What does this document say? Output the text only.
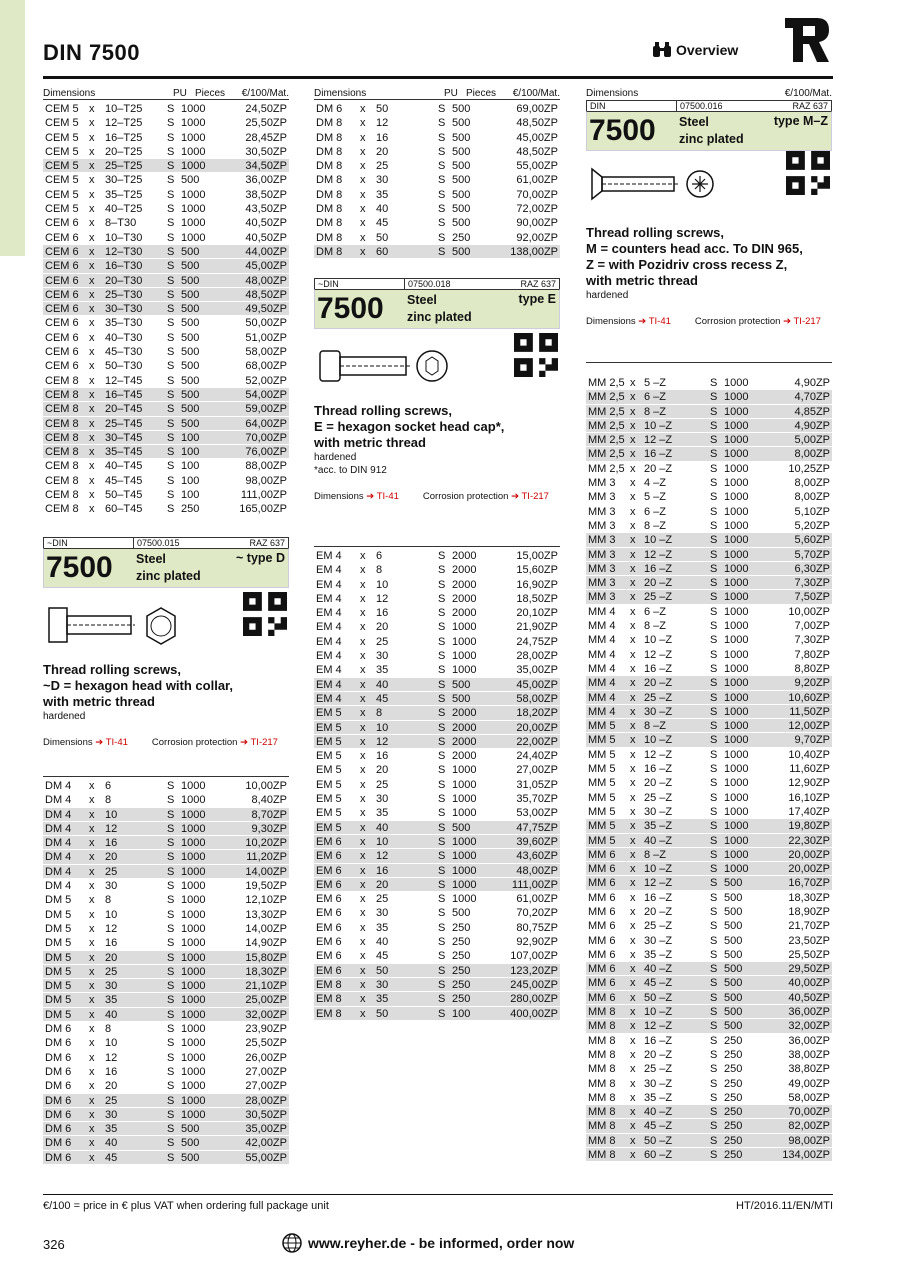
DIN 7500	Overview
Dimensions	PU Pieces	€/100/Mat.
CEM 5 x 10–T25	S 1000	24,50ZP
CEM 5 x 12–T25	S 1000	25,50ZP
CEM 5 x 16–T25	S 1000	28,45ZP
CEM 5 x 20–T25	S 1000	30,50ZP
CEM 5 x 25–T25	S 1000	34,50ZP
CEM 5 x 30–T25	S 500	36,00ZP
CEM 5 x 35–T25	S 1000	38,50ZP
CEM 5 x 40–T25	S 1000	43,50ZP
CEM 6 x 8–T30	S 1000	40,50ZP
CEM 6 x 10–T30	S 1000	40,50ZP
CEM 6 x 12–T30	S 500	44,00ZP
CEM 6 x 16–T30	S 500	45,00ZP
CEM 6 x 20–T30	S 500	48,00ZP
CEM 6 x 25–T30	S 500	48,50ZP
CEM 6 x 30–T30	S 500	49,50ZP
CEM 6 x 35–T30	S 500	50,00ZP
CEM 6 x 40–T30	S 500	51,00ZP
CEM 6 x 45–T30	S 500	58,00ZP
CEM 6 x 50–T30	S 500	68,00ZP
CEM 8 x 12–T45	S 500	52,00ZP
CEM 8 x 16–T45	S 500	54,00ZP
CEM 8 x 20–T45	S 500	59,00ZP
CEM 8 x 25–T45	S 500	64,00ZP
CEM 8 x 30–T45	S 100	70,00ZP
CEM 8 x 35–T45	S 100	76,00ZP
CEM 8 x 40–T45	S 100	88,00ZP
CEM 8 x 45–T45	S 100	98,00ZP
CEM 8 x 50–T45	S 100	111,00ZP
CEM 8 x 60–T45	S 250	165,00ZP
~DIN	07500.015	RAZ 637
7500	Steel
zinc plated
~ type D
Thread rolling screws,
~D = hexagon head with collar,
with metric thread
hardened
Dimensions ➔ TI-41	Corrosion protection ➔ TI-217
DM 4	x 6	S 1000	10,00ZP
DM 4	x 8	S 1000	8,40ZP
DM 4	x 10	S 1000	8,70ZP
DM 4	x 12	S 1000	9,30ZP
DM 4	x 16	S 1000	10,20ZP
DM 4	x 20	S 1000	11,20ZP
DM 4	x 25	S 1000	14,00ZP
DM 4	x 30	S 1000	19,50ZP
DM 5	x 8	S 1000	12,10ZP
DM 5	x 10	S 1000	13,30ZP
DM 5	x 12	S 1000	14,00ZP
DM 5	x 16	S 1000	14,90ZP
DM 5	x 20	S 1000	15,80ZP
DM 5	x 25	S 1000	18,30ZP
DM 5	x 30	S 1000	21,10ZP
DM 5	x 35	S 1000	25,00ZP
DM 5	x 40	S 1000	32,00ZP
DM 6	x 8	S 1000	23,90ZP
DM 6	x 10	S 1000	25,50ZP
DM 6	x 12	S 1000	26,00ZP
DM 6	x 16	S 1000	27,00ZP
DM 6	x 20	S 1000	27,00ZP
DM 6	x 25	S 1000	28,00ZP
DM 6	x 30	S 1000	30,50ZP
DM 6	x 35	S 500	35,00ZP
DM 6	x 40	S 500	42,00ZP
DM 6	x 45	S 500	55,00ZP
Dimensions	PU Pieces	€/100/Mat.
DM 6	x 50	S 500	69,00ZP
DM 8	x 12	S 500	48,50ZP
DM 8	x 16	S 500	45,00ZP
DM 8	x 20	S 500	48,50ZP
DM 8	x 25	S 500	55,00ZP
DM 8	x 30	S 500	61,00ZP
DM 8	x 35	S 500	70,00ZP
DM 8	x 40	S 500	72,00ZP
DM 8	x 45	S 500	90,00ZP
DM 8	x 50	S 250	92,00ZP
DM 8	x 60	S 500	138,00ZP
~DIN	07500.018	RAZ 637
7500	Steel
zinc plated
type E
Thread rolling screws,
E = hexagon socket head cap*,
with metric thread
hardened
*acc. to DIN 912
Dimensions ➔ TI-41	Corrosion protection ➔ TI-217
EM 4	x 6	S 2000	15,00ZP
EM 4	x 8	S 2000	15,60ZP
EM 4	x 10	S 2000	16,90ZP
EM 4	x 12	S 2000	18,50ZP
EM 4	x 16	S 2000	20,10ZP
EM 4	x 20	S 1000	21,90ZP
EM 4	x 25	S 1000	24,75ZP
EM 4	x 30	S 1000	28,00ZP
EM 4	x 35	S 1000	35,00ZP
EM 4	x 40	S 500	45,00ZP
EM 4	x 45	S 500	58,00ZP
EM 5	x 8	S 2000	18,20ZP
EM 5	x 10	S 2000	20,00ZP
EM 5	x 12	S 2000	22,00ZP
EM 5	x 16	S 2000	24,40ZP
EM 5	x 20	S 1000	27,00ZP
EM 5	x 25	S 1000	31,05ZP
EM 5	x 30	S 1000	35,70ZP
EM 5	x 35	S 1000	53,00ZP
EM 5	x 40	S 500	47,75ZP
EM 6	x 10	S 1000	39,60ZP
EM 6	x 12	S 1000	43,60ZP
EM 6	x 16	S 1000	48,00ZP
EM 6	x 20	S 1000	111,00ZP
EM 6	x 25	S 1000	61,00ZP
EM 6	x 30	S 500	70,20ZP
EM 6	x 35	S 250	80,75ZP
EM 6	x 40	S 250	92,90ZP
EM 6	x 45	S 250	107,00ZP
EM 6	x 50	S 250	123,20ZP
EM 8	x 30	S 250	245,00ZP
EM 8	x 35	S 250	280,00ZP
EM 8	x 50	S 100	400,00ZP
Dimensions	€/100/Mat.
DIN	07500.016	RAZ 637
7500	Steel
zinc plated
type M–Z
Thread rolling screws,
M = counters head acc. To DIN 965,
Z = with Pozidriv cross recess Z,
with metric thread
hardened
Dimensions ➔ TI-41	Corrosion protection ➔ TI-217
MM 2,5 x 5 –Z	S 1000	4,90ZP
MM 2,5 x 6 –Z	S 1000	4,70ZP
MM 2,5 x 8 –Z	S 1000	4,85ZP
MM 2,5 x 10 –Z	S 1000	4,90ZP
MM 2,5 x 12 –Z	S 1000	5,00ZP
MM 2,5 x 16 –Z	S 1000	8,00ZP
MM 2,5 x 20 –Z	S 1000	10,25ZP
MM 3	x 4 –Z	S 1000	8,00ZP
MM 3	x 5 –Z	S 1000	8,00ZP
MM 3	x 6 –Z	S 1000	5,10ZP
MM 3	x 8 –Z	S 1000	5,20ZP
MM 3	x 10 –Z	S 1000	5,60ZP
MM 3	x 12 –Z	S 1000	5,70ZP
MM 3	x 16 –Z	S 1000	6,30ZP
MM 3	x 20 –Z	S 1000	7,30ZP
MM 3	x 25 –Z	S 1000	7,50ZP
MM 4	x 6 –Z	S 1000	10,00ZP
MM 4	x 8 –Z	S 1000	7,00ZP
MM 4	x 10 –Z	S 1000	7,30ZP
MM 4	x 12 –Z	S 1000	7,80ZP
MM 4	x 16 –Z	S 1000	8,80ZP
MM 4	x 20 –Z	S 1000	9,20ZP
MM 4	x 25 –Z	S 1000	10,60ZP
MM 4	x 30 –Z	S 1000	11,50ZP
MM 5	x 8 –Z	S 1000	12,00ZP
MM 5	x 10 –Z	S 1000	9,70ZP
MM 5	x 12 –Z	S 1000	10,40ZP
MM 5	x 16 –Z	S 1000	11,60ZP
MM 5	x 20 –Z	S 1000	12,90ZP
MM 5	x 25 –Z	S 1000	16,10ZP
MM 5	x 30 –Z	S 1000	17,40ZP
MM 5	x 35 –Z	S 1000	19,80ZP
MM 5	x 40 –Z	S 1000	22,30ZP
MM 6	x 8 –Z	S 1000	20,00ZP
MM 6	x 10 –Z	S 1000	20,00ZP
MM 6	x 12 –Z	S 500	16,70ZP
MM 6	x 16 –Z	S 500	18,30ZP
MM 6	x 20 –Z	S 500	18,90ZP
MM 6	x 25 –Z	S 500	21,70ZP
MM 6	x 30 –Z	S 500	23,50ZP
MM 6	x 35 –Z	S 500	25,50ZP
MM 6	x 40 –Z	S 500	29,50ZP
MM 6	x 45 –Z	S 500	40,00ZP
MM 6	x 50 –Z	S 500	40,50ZP
MM 8	x 10 –Z	S 500	36,00ZP
MM 8	x 12 –Z	S 500	32,00ZP
MM 8	x 16 –Z	S 250	36,00ZP
MM 8	x 20 –Z	S 250	38,00ZP
MM 8	x 25 –Z	S 250	38,80ZP
MM 8	x 30 –Z	S 250	49,00ZP
MM 8	x 35 –Z	S 250	58,00ZP
MM 8	x 40 –Z	S 250	70,00ZP
MM 8	x 45 –Z	S 250	82,00ZP
MM 8	x 50 –Z	S 250	98,00ZP
MM 8	x 60 –Z	S 250	134,00ZP
€/100 = price in € plus VAT when ordering full package unit	HT/2016.11/EN/MTI
326	www.reyher.de - be informed, order now
